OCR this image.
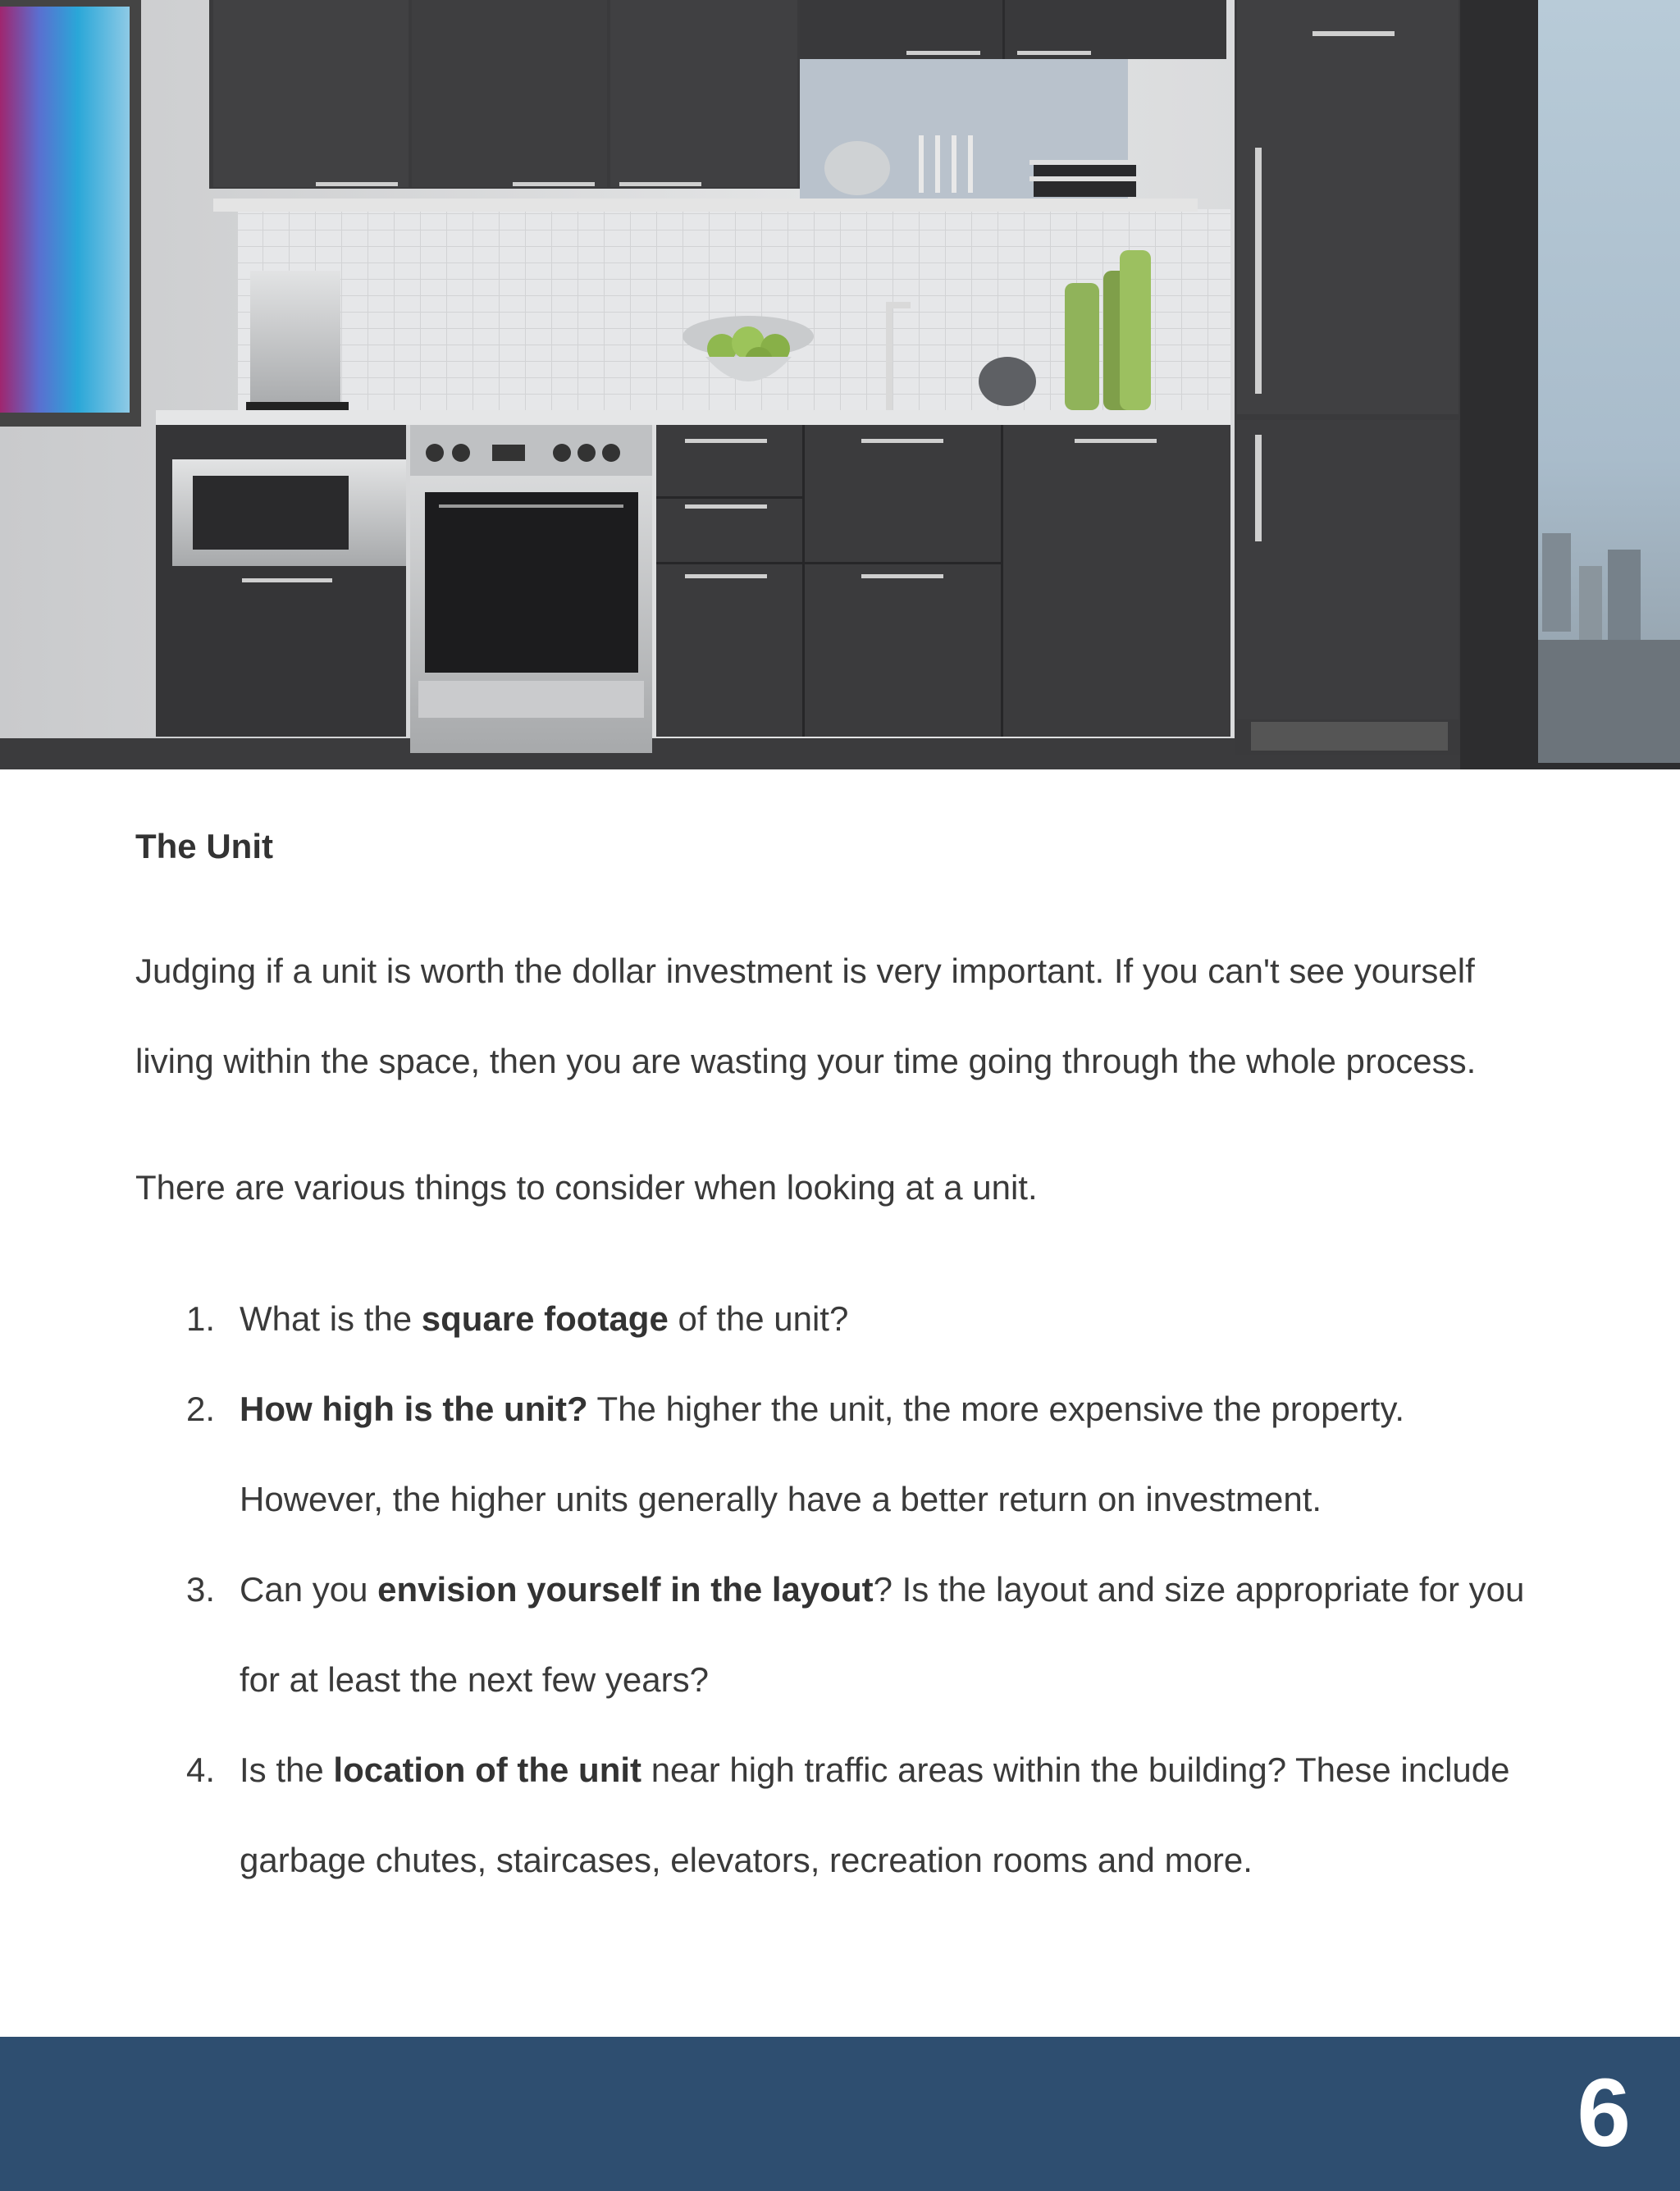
The Unit

Judging if a unit is worth the dollar investment is very important. If you can't see yourself living within the space, then you are wasting your time going through the whole process.

There are various things to consider when looking at a unit.

1. What is the square footage of the unit?
2. How high is the unit? The higher the unit, the more expensive the property. However, the higher units generally have a better return on investment.
3. Can you envision yourself in the layout? Is the layout and size appropriate for you for at least the next few years?
4. Is the location of the unit near high traffic areas within the building? These include garbage chutes, staircases, elevators, recreation rooms and more.
6
